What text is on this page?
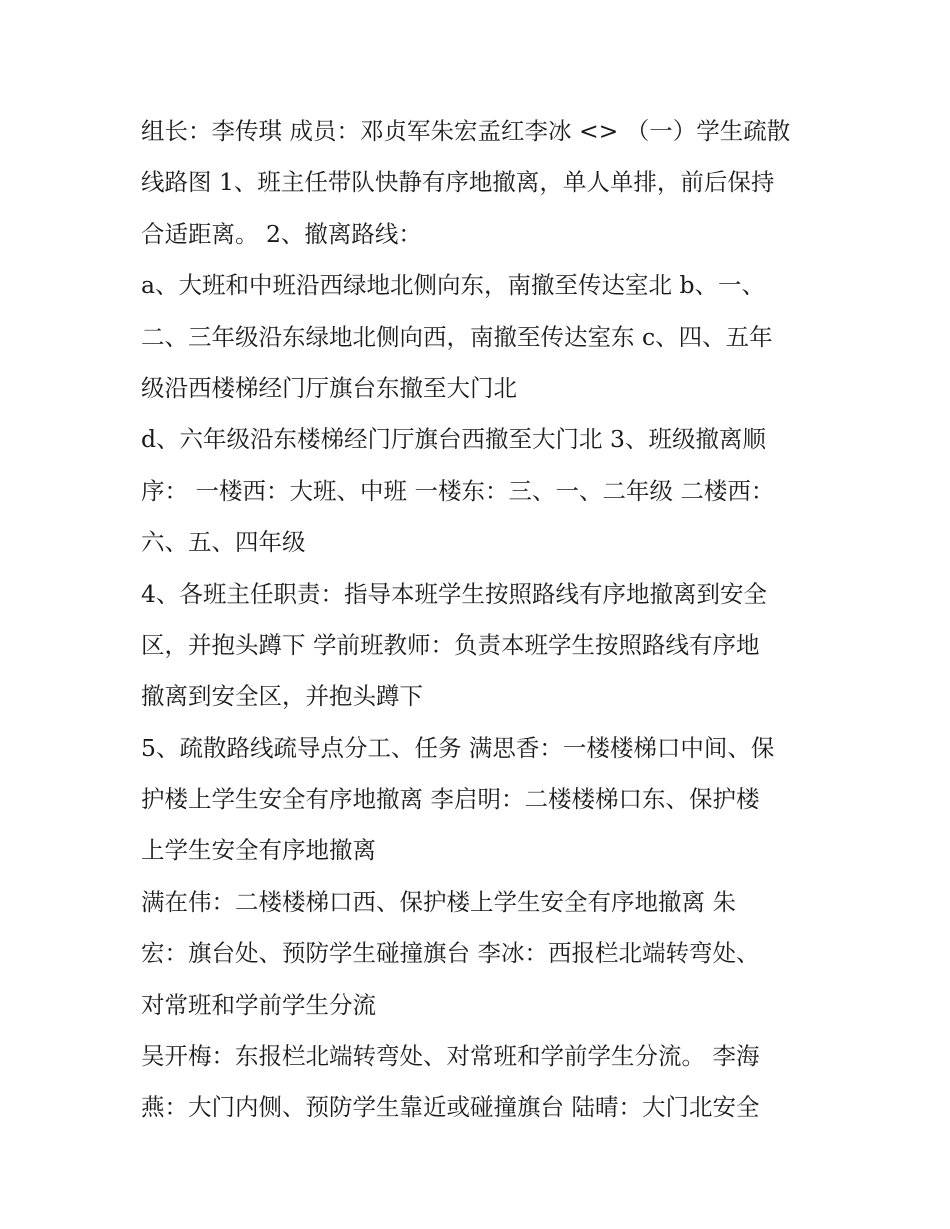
组长：李传琪 成员：邓贞军朱宏孟红李冰 <> （一）学生疏散
线路图 1、班主任带队快静有序地撤离，单人单排，前后保持
合适距离。 2、撤离路线：
a、大班和中班沿西绿地北侧向东，南撤至传达室北 b、一、
二、三年级沿东绿地北侧向西，南撤至传达室东 c、四、五年
级沿西楼梯经门厅旗台东撤至大门北
d、六年级沿东楼梯经门厅旗台西撤至大门北 3、班级撤离顺
序： 一楼西：大班、中班 一楼东：三、一、二年级 二楼西：
六、五、四年级
4、各班主任职责：指导本班学生按照路线有序地撤离到安全
区，并抱头蹲下 学前班教师：负责本班学生按照路线有序地
撤离到安全区，并抱头蹲下
5、疏散路线疏导点分工、任务 满思香：一楼楼梯口中间、保
护楼上学生安全有序地撤离 李启明：二楼楼梯口东、保护楼
上学生安全有序地撤离
满在伟：二楼楼梯口西、保护楼上学生安全有序地撤离 朱
宏：旗台处、预防学生碰撞旗台 李冰：西报栏北端转弯处、
对常班和学前学生分流
吴开梅：东报栏北端转弯处、对常班和学前学生分流。 李海
燕：大门内侧、预防学生靠近或碰撞旗台 陆晴：大门北安全
